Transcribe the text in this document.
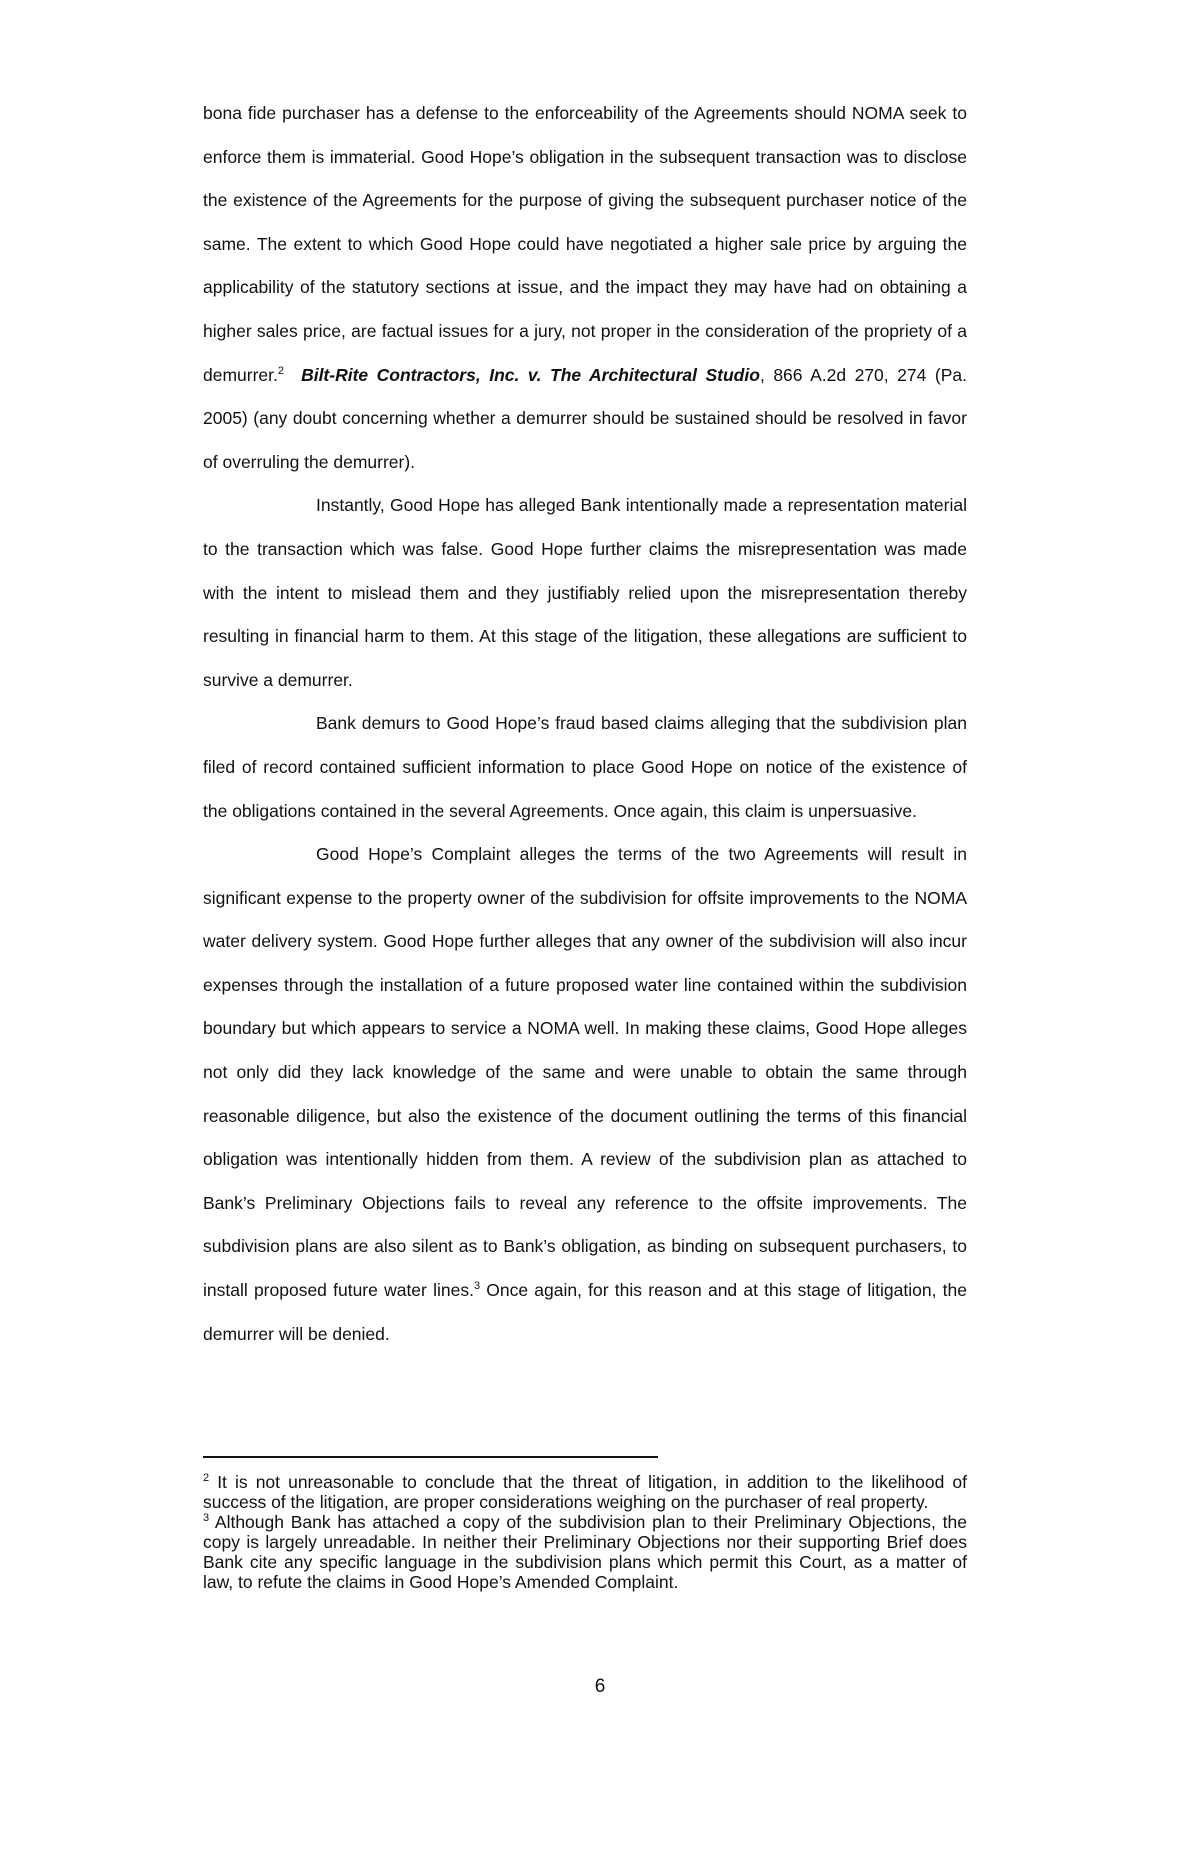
bona fide purchaser has a defense to the enforceability of the Agreements should NOMA seek to enforce them is immaterial. Good Hope’s obligation in the subsequent transaction was to disclose the existence of the Agreements for the purpose of giving the subsequent purchaser notice of the same. The extent to which Good Hope could have negotiated a higher sale price by arguing the applicability of the statutory sections at issue, and the impact they may have had on obtaining a higher sales price, are factual issues for a jury, not proper in the consideration of the propriety of a demurrer.$^2$ Bilt-Rite Contractors, Inc. v. The Architectural Studio, 866 A.2d 270, 274 (Pa. 2005) (any doubt concerning whether a demurrer should be sustained should be resolved in favor of overruling the demurrer).

Instantly, Good Hope has alleged Bank intentionally made a representation material to the transaction which was false. Good Hope further claims the misrepresentation was made with the intent to mislead them and they justifiably relied upon the misrepresentation thereby resulting in financial harm to them. At this stage of the litigation, these allegations are sufficient to survive a demurrer.

Bank demurs to Good Hope’s fraud based claims alleging that the subdivision plan filed of record contained sufficient information to place Good Hope on notice of the existence of the obligations contained in the several Agreements. Once again, this claim is unpersuasive.

Good Hope’s Complaint alleges the terms of the two Agreements will result in significant expense to the property owner of the subdivision for offsite improvements to the NOMA water delivery system. Good Hope further alleges that any owner of the subdivision will also incur expenses through the installation of a future proposed water line contained within the subdivision boundary but which appears to service a NOMA well. In making these claims, Good Hope alleges not only did they lack knowledge of the same and were unable to obtain the same through reasonable diligence, but also the existence of the document outlining the terms of this financial obligation was intentionally hidden from them. A review of the subdivision plan as attached to Bank’s Preliminary Objections fails to reveal any reference to the offsite improvements. The subdivision plans are also silent as to Bank’s obligation, as binding on subsequent purchasers, to install proposed future water lines.$^3$ Once again, for this reason and at this stage of litigation, the demurrer will be denied.

$^2$ It is not unreasonable to conclude that the threat of litigation, in addition to the likelihood of success of the litigation, are proper considerations weighing on the purchaser of real property.

$^3$ Although Bank has attached a copy of the subdivision plan to their Preliminary Objections, the copy is largely unreadable. In neither their Preliminary Objections nor their supporting Brief does Bank cite any specific language in the subdivision plans which permit this Court, as a matter of law, to refute the claims in Good Hope’s Amended Complaint.

6
